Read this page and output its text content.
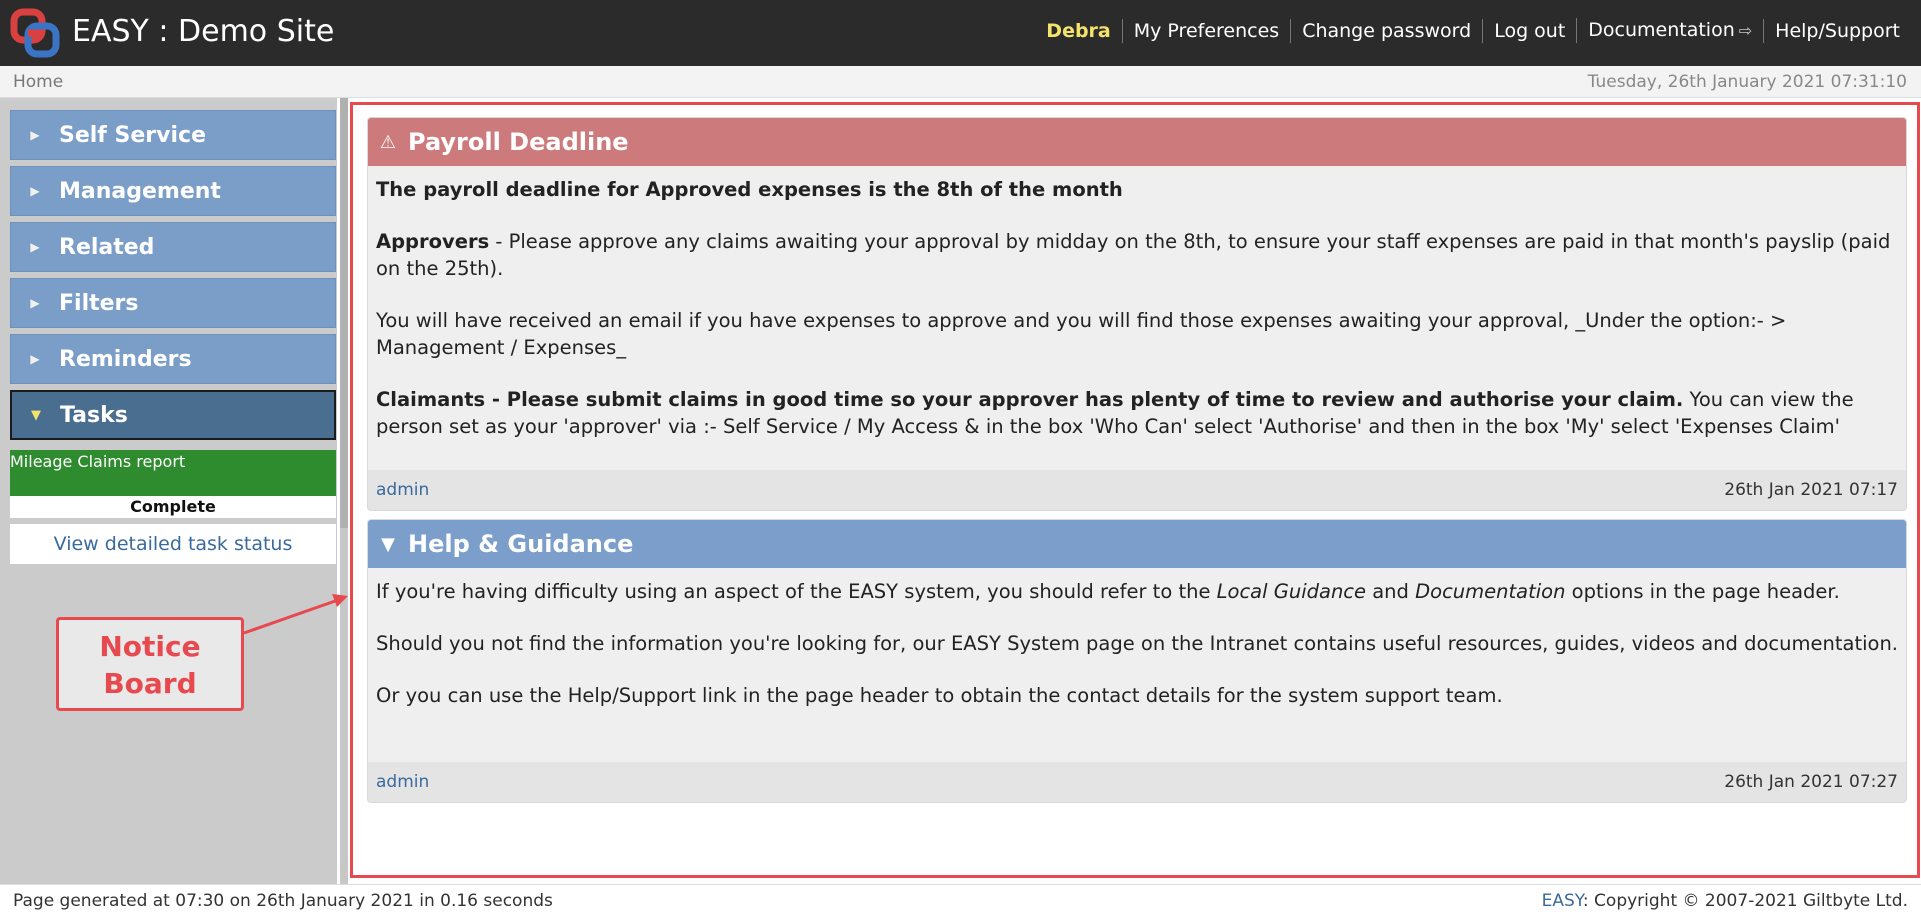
EASY : Demo Site	Debra	My Preferences	Change password	Log out	Documentation ⇨	Help/Support
Home	Tuesday, 26th January 2021 07:31:10
▶ Self Service
▶ Management
▶ Related
▶ Filters
▶ Reminders
▼ Tasks
Mileage Claims report
Complete
View detailed task status
⚠ Payroll Deadline

The payroll deadline for Approved expenses is the 8th of the month

Approvers - Please approve any claims awaiting your approval by midday on the 8th, to ensure your staff expenses are paid in that month's payslip (paid on the 25th).

You will have received an email if you have expenses to approve and you will find those expenses awaiting your approval, _Under the option:- > Management / Expenses_

Claimants - Please submit claims in good time so your approver has plenty of time to review and authorise your claim. You can view the person set as your 'approver' via :- Self Service / My Access & in the box 'Who Can' select 'Authorise' and then in the box 'My' select 'Expenses Claim'

admin	26th Jan 2021 07:17
▼ Help & Guidance

If you're having difficulty using an aspect of the EASY system, you should refer to the Local Guidance and Documentation options in the page header.

Should you not find the information you're looking for, our EASY System page on the Intranet contains useful resources, guides, videos and documentation.

Or you can use the Help/Support link in the page header to obtain the contact details for the system support team.

admin	26th Jan 2021 07:27
Notice
Board
Page generated at 07:30 on 26th January 2021 in 0.16 seconds	EASY: Copyright © 2007-2021 Giltbyte Ltd.
